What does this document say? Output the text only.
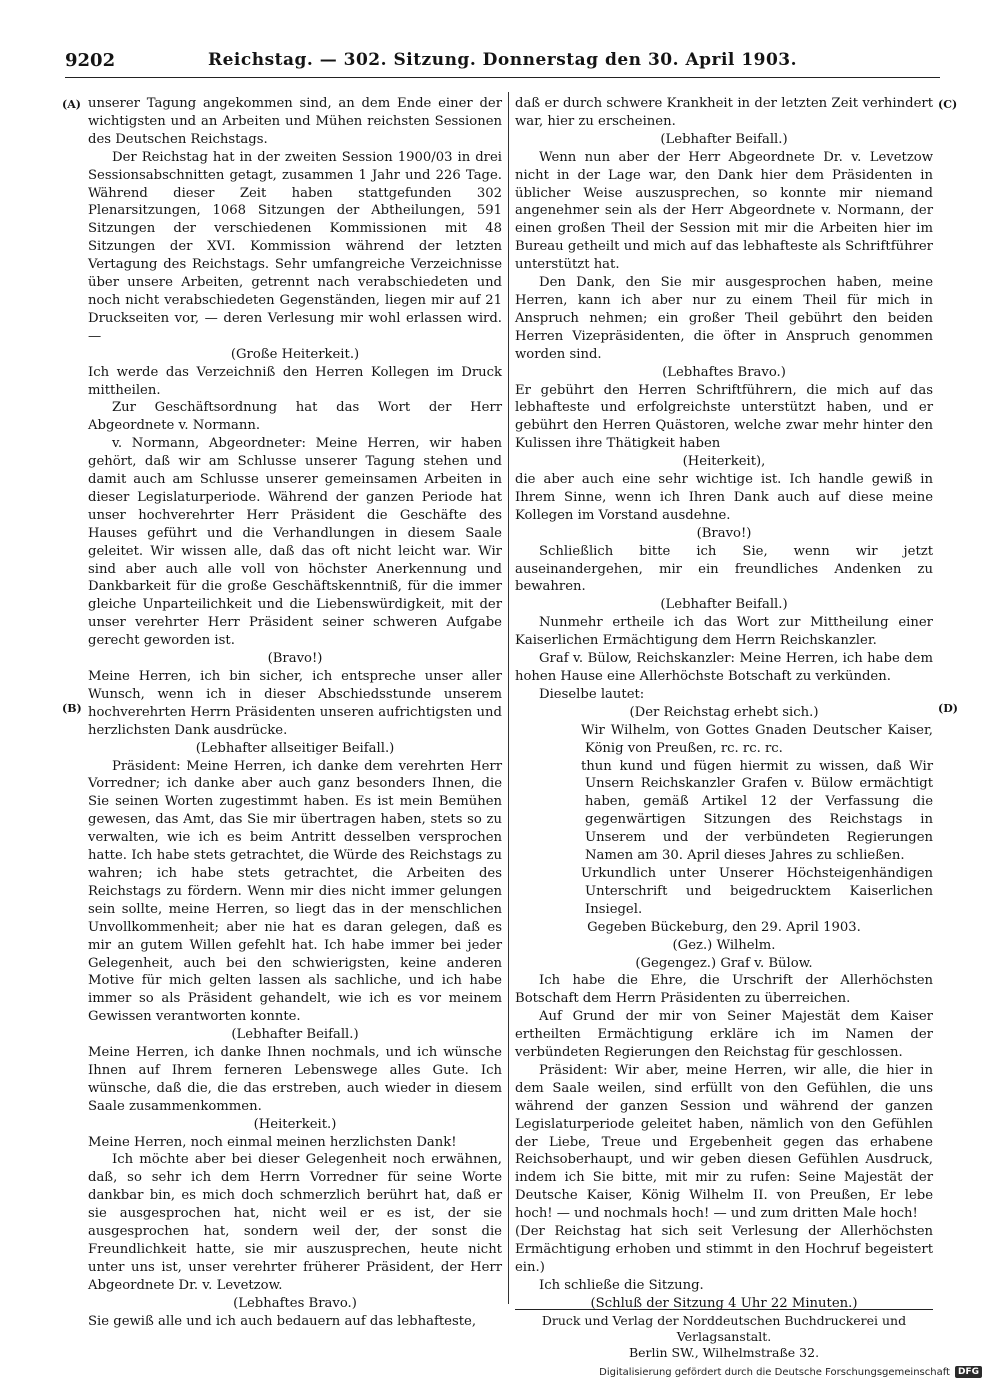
9202	Reichstag. — 302. Sitzung. Donnerstag den 30. April 1903.
(A)
(B)
(C)
(D)

unserer Tagung angekommen sind, an dem Ende einer der wichtigsten und an Arbeiten und Mühen reichsten Sessionen des Deutschen Reichstags.

Der Reichstag hat in der zweiten Session 1900/03 in drei Sessionsabschnitten getagt, zusammen 1 Jahr und 226 Tage. Während dieser Zeit haben stattgefunden 302 Plenarsitzungen, 1068 Sitzungen der Abtheilungen, 591 Sitzungen der verschiedenen Kommissionen mit 48 Sitzungen der XVI. Kommission während der letzten Vertagung des Reichstags. Sehr umfangreiche Verzeichnisse über unsere Arbeiten, getrennt nach verabschiedeten und noch nicht verabschiedeten Gegenständen, liegen mir auf 21 Druckseiten vor, — deren Verlesung mir wohl erlassen wird. —

(Große Heiterkeit.)

Ich werde das Verzeichniß den Herren Kollegen im Druck mittheilen.

Zur Geschäftsordnung hat das Wort der Herr Abgeordnete v. Normann.

v. Normann, Abgeordneter: Meine Herren, wir haben gehört, daß wir am Schlusse unserer Tagung stehen und damit auch am Schlusse unserer gemeinsamen Arbeiten in dieser Legislaturperiode. Während der ganzen Periode hat unser hochverehrter Herr Präsident die Geschäfte des Hauses geführt und die Verhandlungen in diesem Saale geleitet. Wir wissen alle, daß das oft nicht leicht war. Wir sind aber auch alle voll von höchster Anerkennung und Dankbarkeit für die große Geschäftskenntniß, für die immer gleiche Unparteilichkeit und die Liebenswürdigkeit, mit der unser verehrter Herr Präsident seiner schweren Aufgabe gerecht geworden ist.

(Bravo!)

Meine Herren, ich bin sicher, ich entspreche unser aller Wunsch, wenn ich in dieser Abschiedsstunde unserem hochverehrten Herrn Präsidenten unseren aufrichtigsten und herzlichsten Dank ausdrücke.

(Lebhafter allseitiger Beifall.)

Präsident: Meine Herren, ich danke dem verehrten Herr Vorredner; ich danke aber auch ganz besonders Ihnen, die Sie seinen Worten zugestimmt haben. Es ist mein Bemühen gewesen, das Amt, das Sie mir übertragen haben, stets so zu verwalten, wie ich es beim Antritt desselben versprochen hatte. Ich habe stets getrachtet, die Würde des Reichstags zu wahren; ich habe stets getrachtet, die Arbeiten des Reichstags zu fördern. Wenn mir dies nicht immer gelungen sein sollte, meine Herren, so liegt das in der menschlichen Unvollkommenheit; aber nie hat es daran gelegen, daß es mir an gutem Willen gefehlt hat. Ich habe immer bei jeder Gelegenheit, auch bei den schwierigsten, keine anderen Motive für mich gelten lassen als sachliche, und ich habe immer so als Präsident gehandelt, wie ich es vor meinem Gewissen verantworten konnte.

(Lebhafter Beifall.)

Meine Herren, ich danke Ihnen nochmals, und ich wünsche Ihnen auf Ihrem ferneren Lebenswege alles Gute. Ich wünsche, daß die, die das erstreben, auch wieder in diesem Saale zusammenkommen.

(Heiterkeit.)

Meine Herren, noch einmal meinen herzlichsten Dank!

Ich möchte aber bei dieser Gelegenheit noch erwähnen, daß, so sehr ich dem Herrn Vorredner für seine Worte dankbar bin, es mich doch schmerzlich berührt hat, daß er sie ausgesprochen hat, nicht weil er es ist, der sie ausgesprochen hat, sondern weil der, der sonst die Freundlichkeit hatte, sie mir auszusprechen, heute nicht unter uns ist, unser verehrter früherer Präsident, der Herr Abgeordnete Dr. v. Levetzow.

(Lebhaftes Bravo.)

Sie gewiß alle und ich auch bedauern auf das lebhafteste,

daß er durch schwere Krankheit in der letzten Zeit verhindert war, hier zu erscheinen.

(Lebhafter Beifall.)

Wenn nun aber der Herr Abgeordnete Dr. v. Levetzow nicht in der Lage war, den Dank hier dem Präsidenten in üblicher Weise auszusprechen, so konnte mir niemand angenehmer sein als der Herr Abgeordnete v. Normann, der einen großen Theil der Session mit mir die Arbeiten hier im Bureau getheilt und mich auf das lebhafteste als Schriftführer unterstützt hat.

Den Dank, den Sie mir ausgesprochen haben, meine Herren, kann ich aber nur zu einem Theil für mich in Anspruch nehmen; ein großer Theil gebührt den beiden Herren Vizepräsidenten, die öfter in Anspruch genommen worden sind.

(Lebhaftes Bravo.)

Er gebührt den Herren Schriftführern, die mich auf das lebhafteste und erfolgreichste unterstützt haben, und er gebührt den Herren Quästoren, welche zwar mehr hinter den Kulissen ihre Thätigkeit haben

(Heiterkeit),

die aber auch eine sehr wichtige ist. Ich handle gewiß in Ihrem Sinne, wenn ich Ihren Dank auch auf diese meine Kollegen im Vorstand ausdehne.

(Bravo!)

Schließlich bitte ich Sie, wenn wir jetzt auseinandergehen, mir ein freundliches Andenken zu bewahren.

(Lebhafter Beifall.)

Nunmehr ertheile ich das Wort zur Mittheilung einer Kaiserlichen Ermächtigung dem Herrn Reichskanzler.

Graf v. Bülow, Reichskanzler: Meine Herren, ich habe dem hohen Hause eine Allerhöchste Botschaft zu verkünden.

Dieselbe lautet:

(Der Reichstag erhebt sich.)

Wir Wilhelm, von Gottes Gnaden Deutscher Kaiser, König von Preußen, rc. rc. rc.

thun kund und fügen hiermit zu wissen, daß Wir Unsern Reichskanzler Grafen v. Bülow ermächtigt haben, gemäß Artikel 12 der Verfassung die gegenwärtigen Sitzungen des Reichstags in Unserem und der verbündeten Regierungen Namen am 30. April dieses Jahres zu schließen.

Urkundlich unter Unserer Höchsteigenhändigen Unterschrift und beigedrucktem Kaiserlichen Insiegel.

Gegeben Bückeburg, den 29. April 1903.

(Gez.) Wilhelm.

(Gegengez.) Graf v. Bülow.

Ich habe die Ehre, die Urschrift der Allerhöchsten Botschaft dem Herrn Präsidenten zu überreichen.

Auf Grund der mir von Seiner Majestät dem Kaiser ertheilten Ermächtigung erkläre ich im Namen der verbündeten Regierungen den Reichstag für geschlossen.

Präsident: Wir aber, meine Herren, wir alle, die hier in dem Saale weilen, sind erfüllt von den Gefühlen, die uns während der ganzen Session und während der ganzen Legislaturperiode geleitet haben, nämlich von den Gefühlen der Liebe, Treue und Ergebenheit gegen das erhabene Reichsoberhaupt, und wir geben diesen Gefühlen Ausdruck, indem ich Sie bitte, mit mir zu rufen: Seine Majestät der Deutsche Kaiser, König Wilhelm II. von Preußen, Er lebe hoch! — und nochmals hoch! — und zum dritten Male hoch!

(Der Reichstag hat sich seit Verlesung der Allerhöchsten Ermächtigung erhoben und stimmt in den Hochruf begeistert ein.)

Ich schließe die Sitzung.

(Schluß der Sitzung 4 Uhr 22 Minuten.)

Druck und Verlag der Norddeutschen Buchdruckerei und Verlagsanstalt.
Berlin SW., Wilhelmstraße 32.
Digitalisierung gefördert durch die Deutsche Forschungsgemeinschaft DFG
